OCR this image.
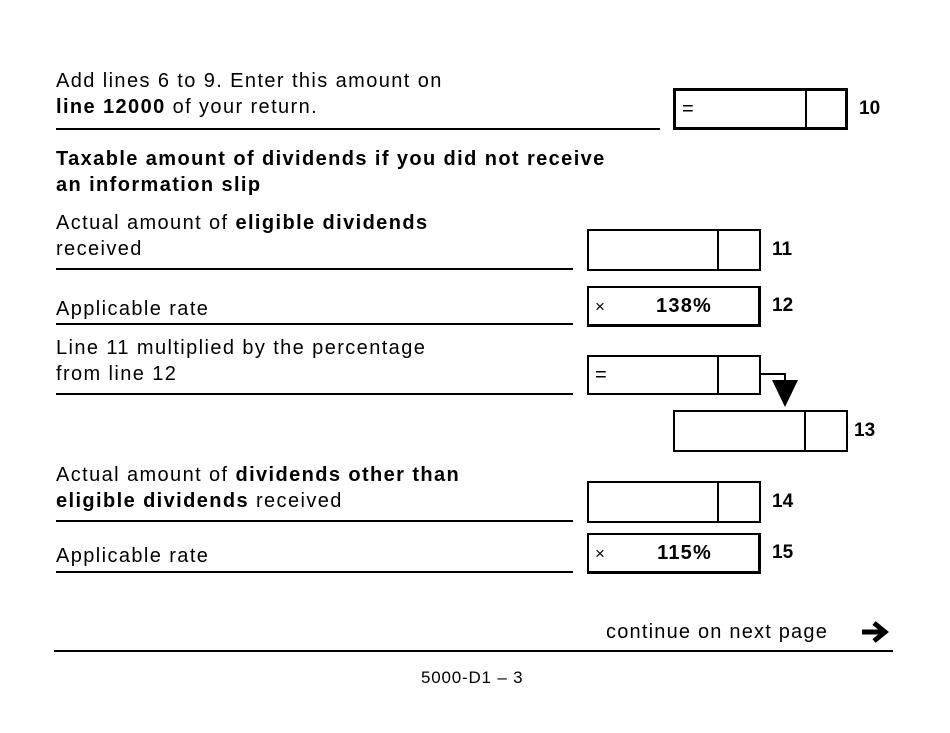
Add lines 6 to 9. Enter this amount on
line 12000 of your return.	=	10
Taxable amount of dividends if you did not receive
an information slip
Actual amount of eligible dividends
received	11
Applicable rate	×	138%	12
Line 11 multiplied by the percentage
from line 12	=
13
Actual amount of dividends other than
eligible dividends received	14
Applicable rate	×	115%	15
continue on next page
5000-D1 – 3
